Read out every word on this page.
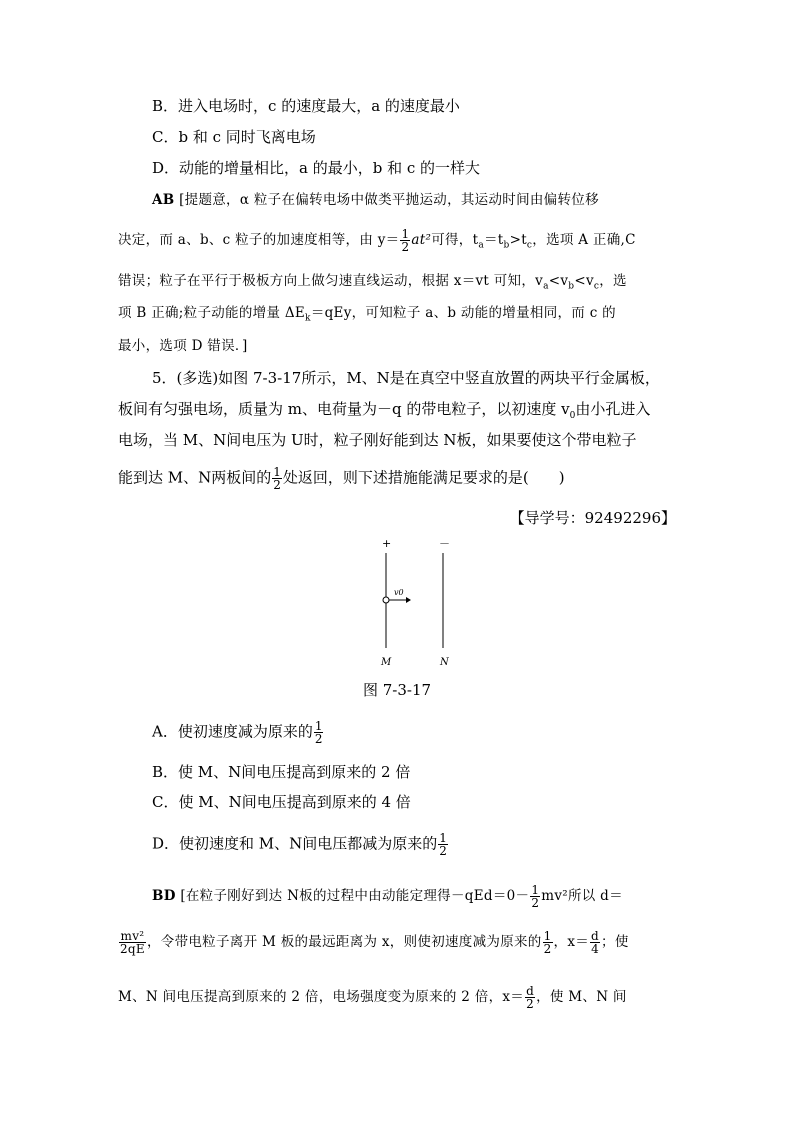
B．进入电场时，c 的速度最大，a 的速度最小
C．b 和 c 同时飞离电场
D．动能的增量相比，a 的最小，b 和 c 的一样大
AB [提题意，α 粒子在偏转电场中做类平抛运动，其运动时间由偏转位移
决定，而 a、b、c 粒子的加速度相等，由 $y= \frac{1}{2} at^2$可得，$t_a=t_b>t_c$，选项 A 正确,C
错误；粒子在平行于极板方向上做匀速直线运动，根据 x＝vt 可知，$v_a<v_b<v_c$，选
项 B 正确;粒子动能的增量 $\Delta E_k=qEy$，可知粒子 a、b 动能的增量相同，而 c 的
最小，选项 D 错误．]
5．(多选)如图 7-3-17所示，M、N是在真空中竖直放置的两块平行金属板，
板间有匀强电场，质量为 m、电荷量为－q 的带电粒子，以初速度 $v_0$由小孔进入
电场，当 M、N间电压为 U时，粒子刚好能到达 N板，如果要使这个带电粒子
能到达 M、N两板间的 $\frac{1}{2}$ 处返回，则下述措施能满足要求的是(　　)
【导学号：92492296】
+	－
v0
M	N
图 7-3-17
A．使初速度减为原来的 $\frac{1}{2}$
B．使 M、N间电压提高到原来的 2 倍
C．使 M、N间电压提高到原来的 4 倍
D．使初速度和 M、N间电压都减为原来的 $\frac{1}{2}$
BD [在粒子刚好到达 N板的过程中由动能定理得$-qEd=0- \frac{1}{2} mv^2$所以 d＝
$\frac{\text{mv²}}{2qE}$ ，令带电粒子离开 M 板的最远距离为 x，则使初速度减为原来的 $\frac{1}{2}$ ，$x= \frac{d}{4}$ ；使
M、N 间电压提高到原来的 2 倍，电场强度变为原来的 2 倍，$x= \frac{d}{2}$ ，使 M、N 间
